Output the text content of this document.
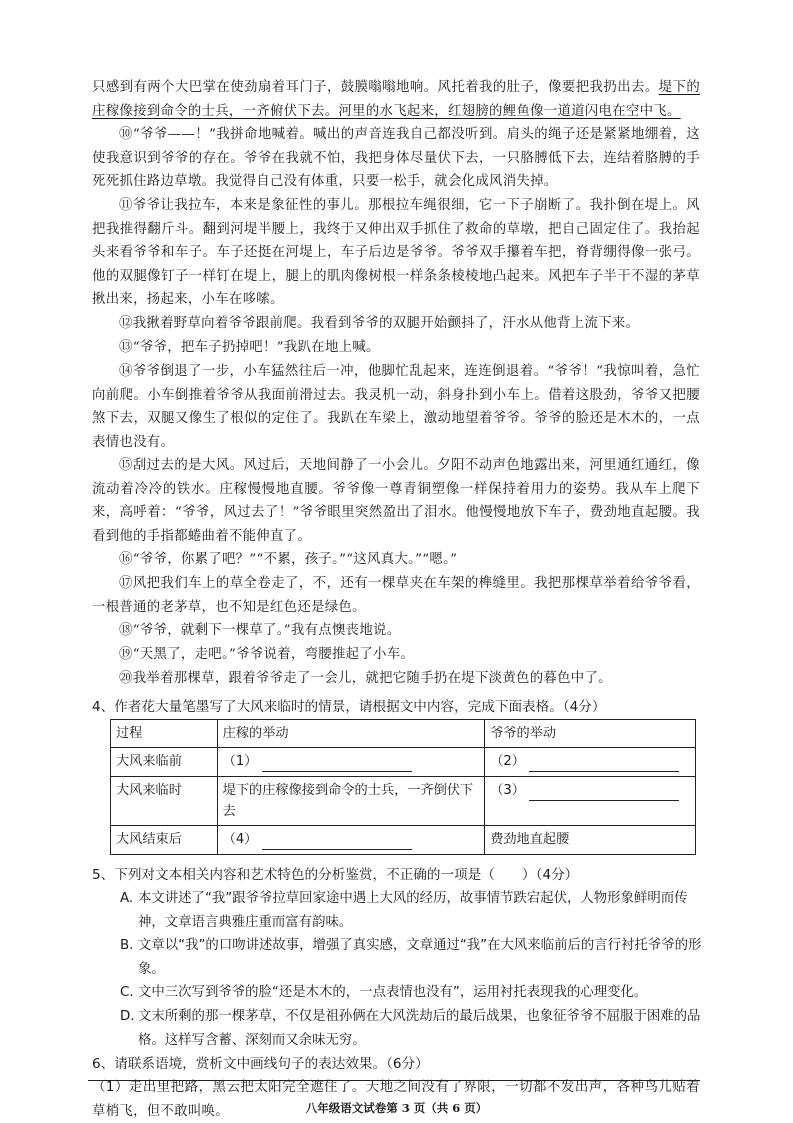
只感到有两个大巴掌在使劲扇着耳门子，鼓膜嗡嗡地响。风托着我的肚子，像要把我扔出去。堤下的庄稼像接到命令的士兵，一齐俯伏下去。河里的水飞起来，红翅膀的鲤鱼像一道道闪电在空中飞。

⑩“爷爷——！”我拼命地喊着。喊出的声音连我自己都没听到。肩头的绳子还是紧紧地绷着，这使我意识到爷爷的存在。爷爷在我就不怕，我把身体尽量伏下去，一只胳膊低下去，连结着胳膊的手死死抓住路边草墩。我觉得自己没有体重，只要一松手，就会化成风消失掉。

⑪爷爷让我拉车，本来是象征性的事儿。那根拉车绳很细，它一下子崩断了。我扑倒在堤上。风把我推得翻斤斗。翻到河堤半腰上，我终于又伸出双手抓住了救命的草墩，把自己固定住了。我抬起头来看爷爷和车子。车子还挺在河堤上，车子后边是爷爷。爷爷双手攥着车把，脊背绷得像一张弓。他的双腿像钉子一样钉在堤上，腿上的肌肉像树根一样条条棱棱地凸起来。风把车子半干不湿的茅草揪出来，扬起来，小车在哆嗦。

⑫我揪着野草向着爷爷跟前爬。我看到爷爷的双腿开始颤抖了，汗水从他背上流下来。

⑬“爷爷，把车子扔掉吧！”我趴在地上喊。

⑭爷爷倒退了一步，小车猛然往后一冲，他脚忙乱起来，连连倒退着。“爷爷！”我惊叫着，急忙向前爬。小车倒推着爷爷从我面前滑过去。我灵机一动，斜身扑到小车上。借着这股劲，爷爷又把腰煞下去，双腿又像生了根似的定住了。我趴在车梁上，激动地望着爷爷。爷爷的脸还是木木的，一点表情也没有。

⑮刮过去的是大风。风过后，天地间静了一小会儿。夕阳不动声色地露出来，河里通红通红，像流动着冷冷的铁水。庄稼慢慢地直腰。爷爷像一尊青铜塑像一样保持着用力的姿势。我从车上爬下来，高呼着：“爷爷，风过去了！”爷爷眼里突然盈出了泪水。他慢慢地放下车子，费劲地直起腰。我看到他的手指都蜷曲着不能伸直了。

⑯“爷爷，你累了吧？”“不累，孩子。”“这风真大。”“嗯。”

⑰风把我们车上的草全卷走了，不，还有一棵草夹在车架的榫缝里。我把那棵草举着给爷爷看，一根普通的老茅草，也不知是红色还是绿色。

⑱“爷爷，就剩下一棵草了。”我有点懊丧地说。

⑲“天黑了，走吧。”爷爷说着，弯腰推起了小车。

⑳我举着那棵草，跟着爷爷走了一会儿，就把它随手扔在堤下淡黄色的暮色中了。

4、作者花大量笔墨写了大风来临时的情景，请根据文中内容，完成下面表格。（4分）

过程	庄稼的举动	爷爷的举动
大风来临前	（1）	（2）
大风来临时	堤下的庄稼像接到命令的士兵，一齐倒伏下去	（3）
大风结束后	（4）	费劲地直起腰

5、下列对文本相关内容和艺术特色的分析鉴赏，不正确的一项是（　　）（4分）

A. 本文讲述了“我”跟爷爷拉草回家途中遇上大风的经历，故事情节跌宕起伏，人物形象鲜明而传神，文章语言典雅庄重而富有韵味。
B. 文章以“我”的口吻讲述故事，增强了真实感，文章通过“我”在大风来临前后的言行衬托爷爷的形象。
C. 文中三次写到爷爷的脸“还是木木的，一点表情也没有”，运用衬托表现我的心理变化。
D. 文末所剩的那一棵茅草，不仅是祖孙俩在大风洗劫后的最后战果，也象征爷爷不屈服于困难的品格。这样写含蓄、深刻而又余味无穷。

6、请联系语境，赏析文中画线句子的表达效果。（6分）

（1）走出里把路，黑云把太阳完全遮住了。天地之间没有了界限，一切都不发出声，各种鸟儿贴着草梢飞，但不敢叫唤。	八年级语文试卷第 3 页（共 6 页）
